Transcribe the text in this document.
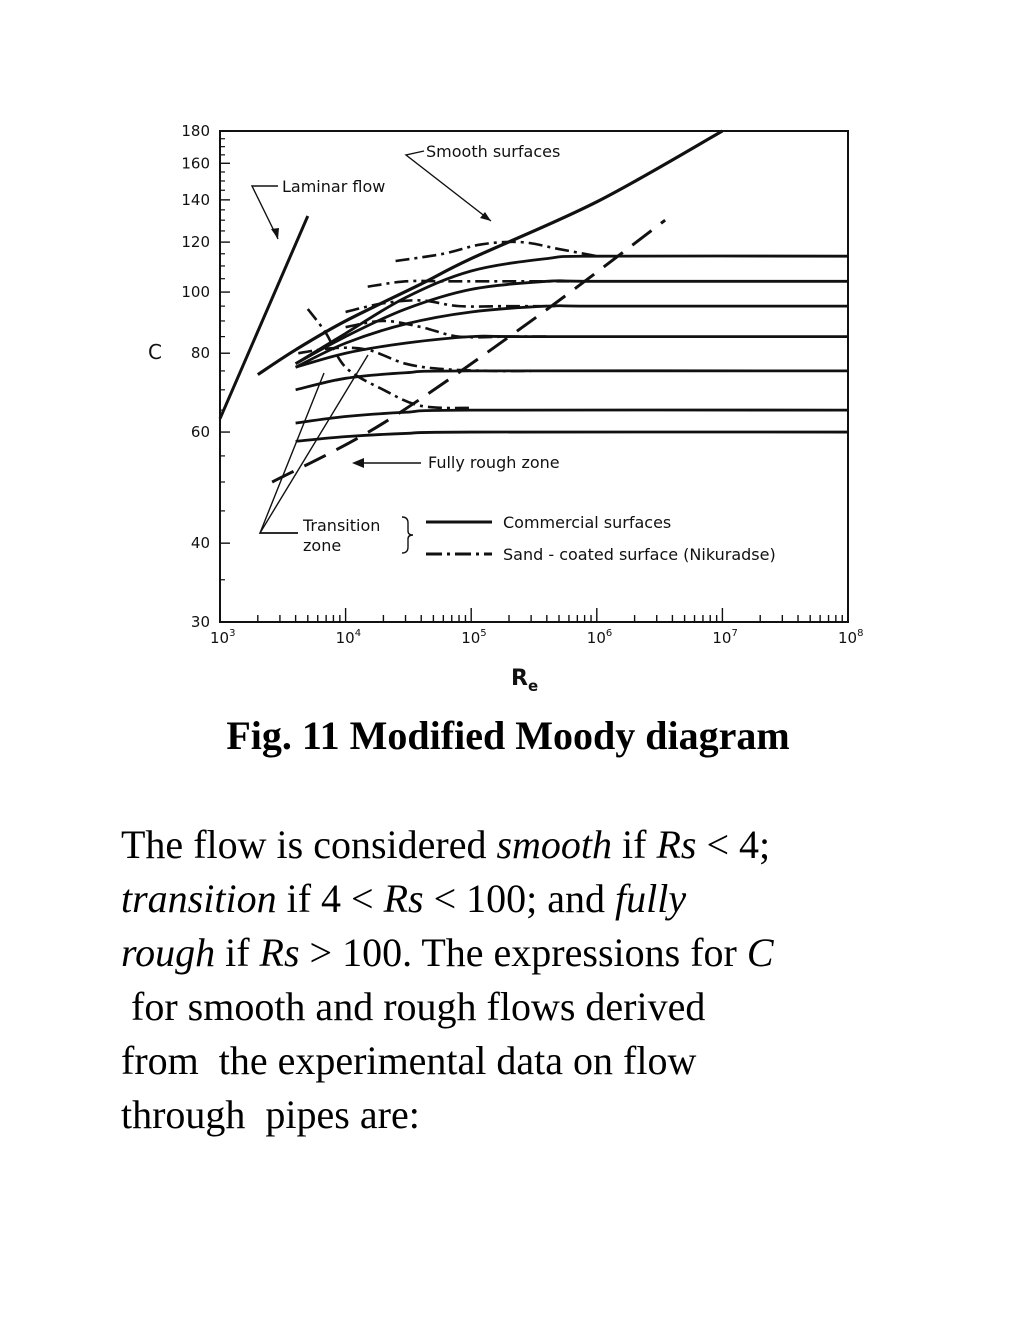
30
40
60
80
100
120
140
160
180
$10^3$	$10^4$	$10^5$	$10^6$	$10^7$	$10^8$
Smooth surfaces
Laminar flow
Fully rough zone
Transition
zone
Commercial surfaces
Sand - coated surface (Nikuradse)
C
$R_e$
Fig. 11 Modified Moody diagram
The flow is considered smooth if Rs < 4;
transition if 4 < Rs < 100; and fully
rough if Rs > 100. The expressions for C
for smooth and rough flows derived
from  the experimental data on flow
through  pipes are:
